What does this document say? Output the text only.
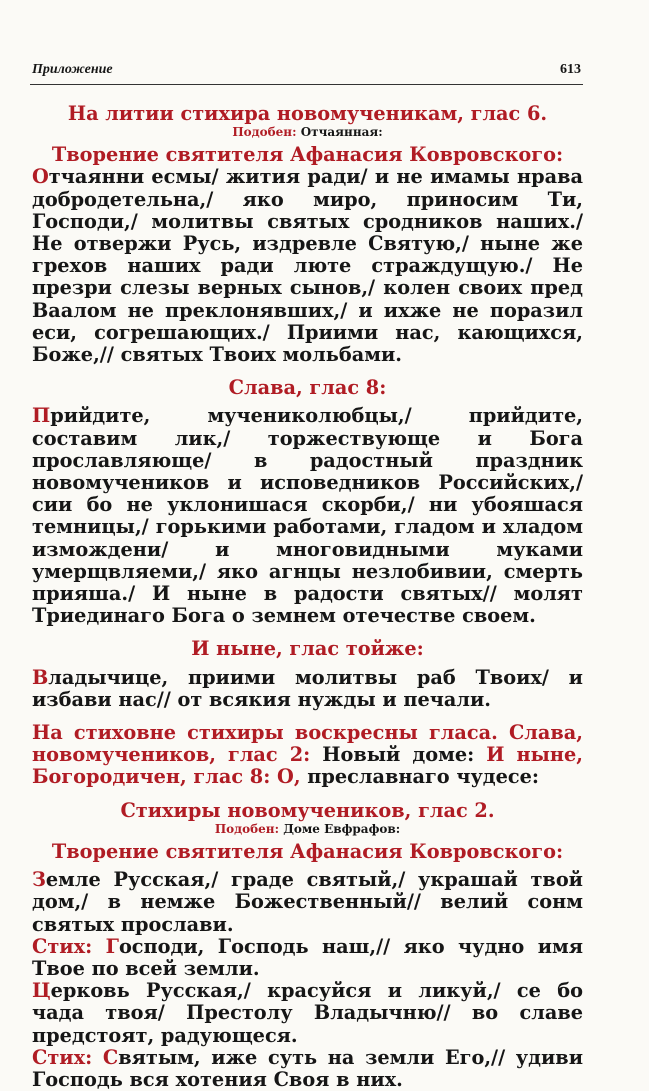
Приложение	613

На литии стихира новомученикам, глас 6.

Подобен: Отчаянная:

Творение святителя Афанасия Ковровского:

Отчаянни есмы/ жития ради/ и не имамы нрава добродетельна,/ яко миро, приносим Ти, Господи,/ молитвы святых сродников наших./ Не отвержи Русь, издревле Святую,/ ныне же грехов наших ради люте страждущую./ Не презри слезы верных сынов,/ колен своих пред Ваалом не преклонявших,/ и ихже не поразил еси, согрешающих./ Приими нас, кающихся, Боже,// святых Твоих мольбами.

Слава, глас 8:

Прийдите, мучениколюбцы,/ прийдите, составим лик,/ торжествующе и Бога прославляюще/ в радостный праздник новомучеников и исповедников Российских,/ сии бо не уклонишася скорби,/ ни убояшася темницы,/ горькими работами, гладом и хладом измождени/ и многовидными муками умерщвляеми,/ яко агнцы незлобивии, смерть прияша./ И ныне в радости святых// молят Триединаго Бога о земнем отечестве своем.

И ныне, глас тойже:

Владычице, приими молитвы раб Твоих/ и избави нас// от всякия нужды и печали.

На стиховне стихиры воскресны гласа. Слава, новомучеников, глас 2: Новый доме: И ныне, Богородичен, глас 8: О, преславнаго чудесе:

Стихиры новомучеников, глас 2.

Подобен: Доме Евфрафов:

Творение святителя Афанасия Ковровского:

Земле Русская,/ граде святый,/ украшай твой дом,/ в немже Божественный// велий сонм святых прослави.

Стих: Господи, Господь наш,// яко чудно имя Твое по всей земли.

Церковь Русская,/ красуйся и ликуй,/ се бо чада твоя/ Престолу Владычню// во славе предстоят, радующеся.

Стих: Святым, иже суть на земли Его,// удиви Господь вся хотения Своя в них.
